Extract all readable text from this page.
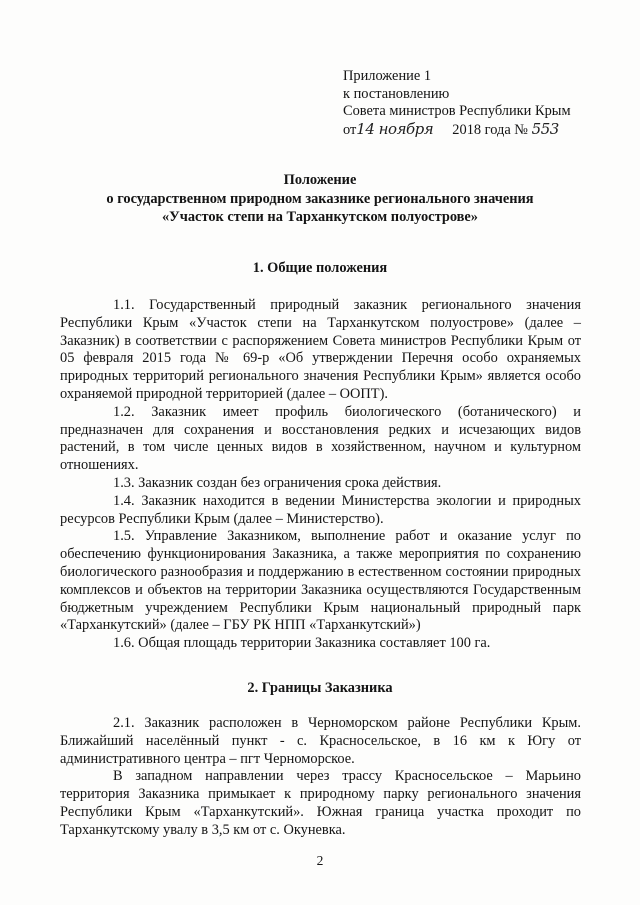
Приложение 1
к постановлению
Совета министров Республики Крым
от14 ноября 2018 года № 553
Положение
о государственном природном заказнике регионального значения
«Участок степи на Тарханкутском полуострове»
1. Общие положения

1.1. Государственный природный заказник регионального значения Республики Крым «Участок степи на Тарханкутском полуострове» (далее – Заказник) в соответствии с распоряжением Совета министров Республики Крым от 05 февраля 2015 года № 69-р «Об утверждении Перечня особо охраняемых природных территорий регионального значения Республики Крым» является особо охраняемой природной территорией (далее – ООПТ).

1.2. Заказник имеет профиль биологического (ботанического) и предназначен для сохранения и восстановления редких и исчезающих видов растений, в том числе ценных видов в хозяйственном, научном и культурном отношениях.

1.3. Заказник создан без ограничения срока действия.

1.4. Заказник находится в ведении Министерства экологии и природных ресурсов Республики Крым (далее – Министерство).

1.5. Управление Заказником, выполнение работ и оказание услуг по обеспечению функционирования Заказника, а также мероприятия по сохранению биологического разнообразия и поддержанию в естественном состоянии природных комплексов и объектов на территории Заказника осуществляются Государственным бюджетным учреждением Республики Крым национальный природный парк «Тарханкутский» (далее – ГБУ РК НПП «Тарханкутский»)

1.6. Общая площадь территории Заказника составляет 100 га.

2. Границы Заказника

2.1. Заказник расположен в Черноморском районе Республики Крым. Ближайший населённый пункт - с. Красносельское, в 16 км к Югу от административного центра – пгт Черноморское.

В западном направлении через трассу Красносельское – Марьино территория Заказника примыкает к природному парку регионального значения Республики Крым «Тарханкутский». Южная граница участка проходит по Тарханкутскому увалу в 3,5 км от с. Окуневка.

2
